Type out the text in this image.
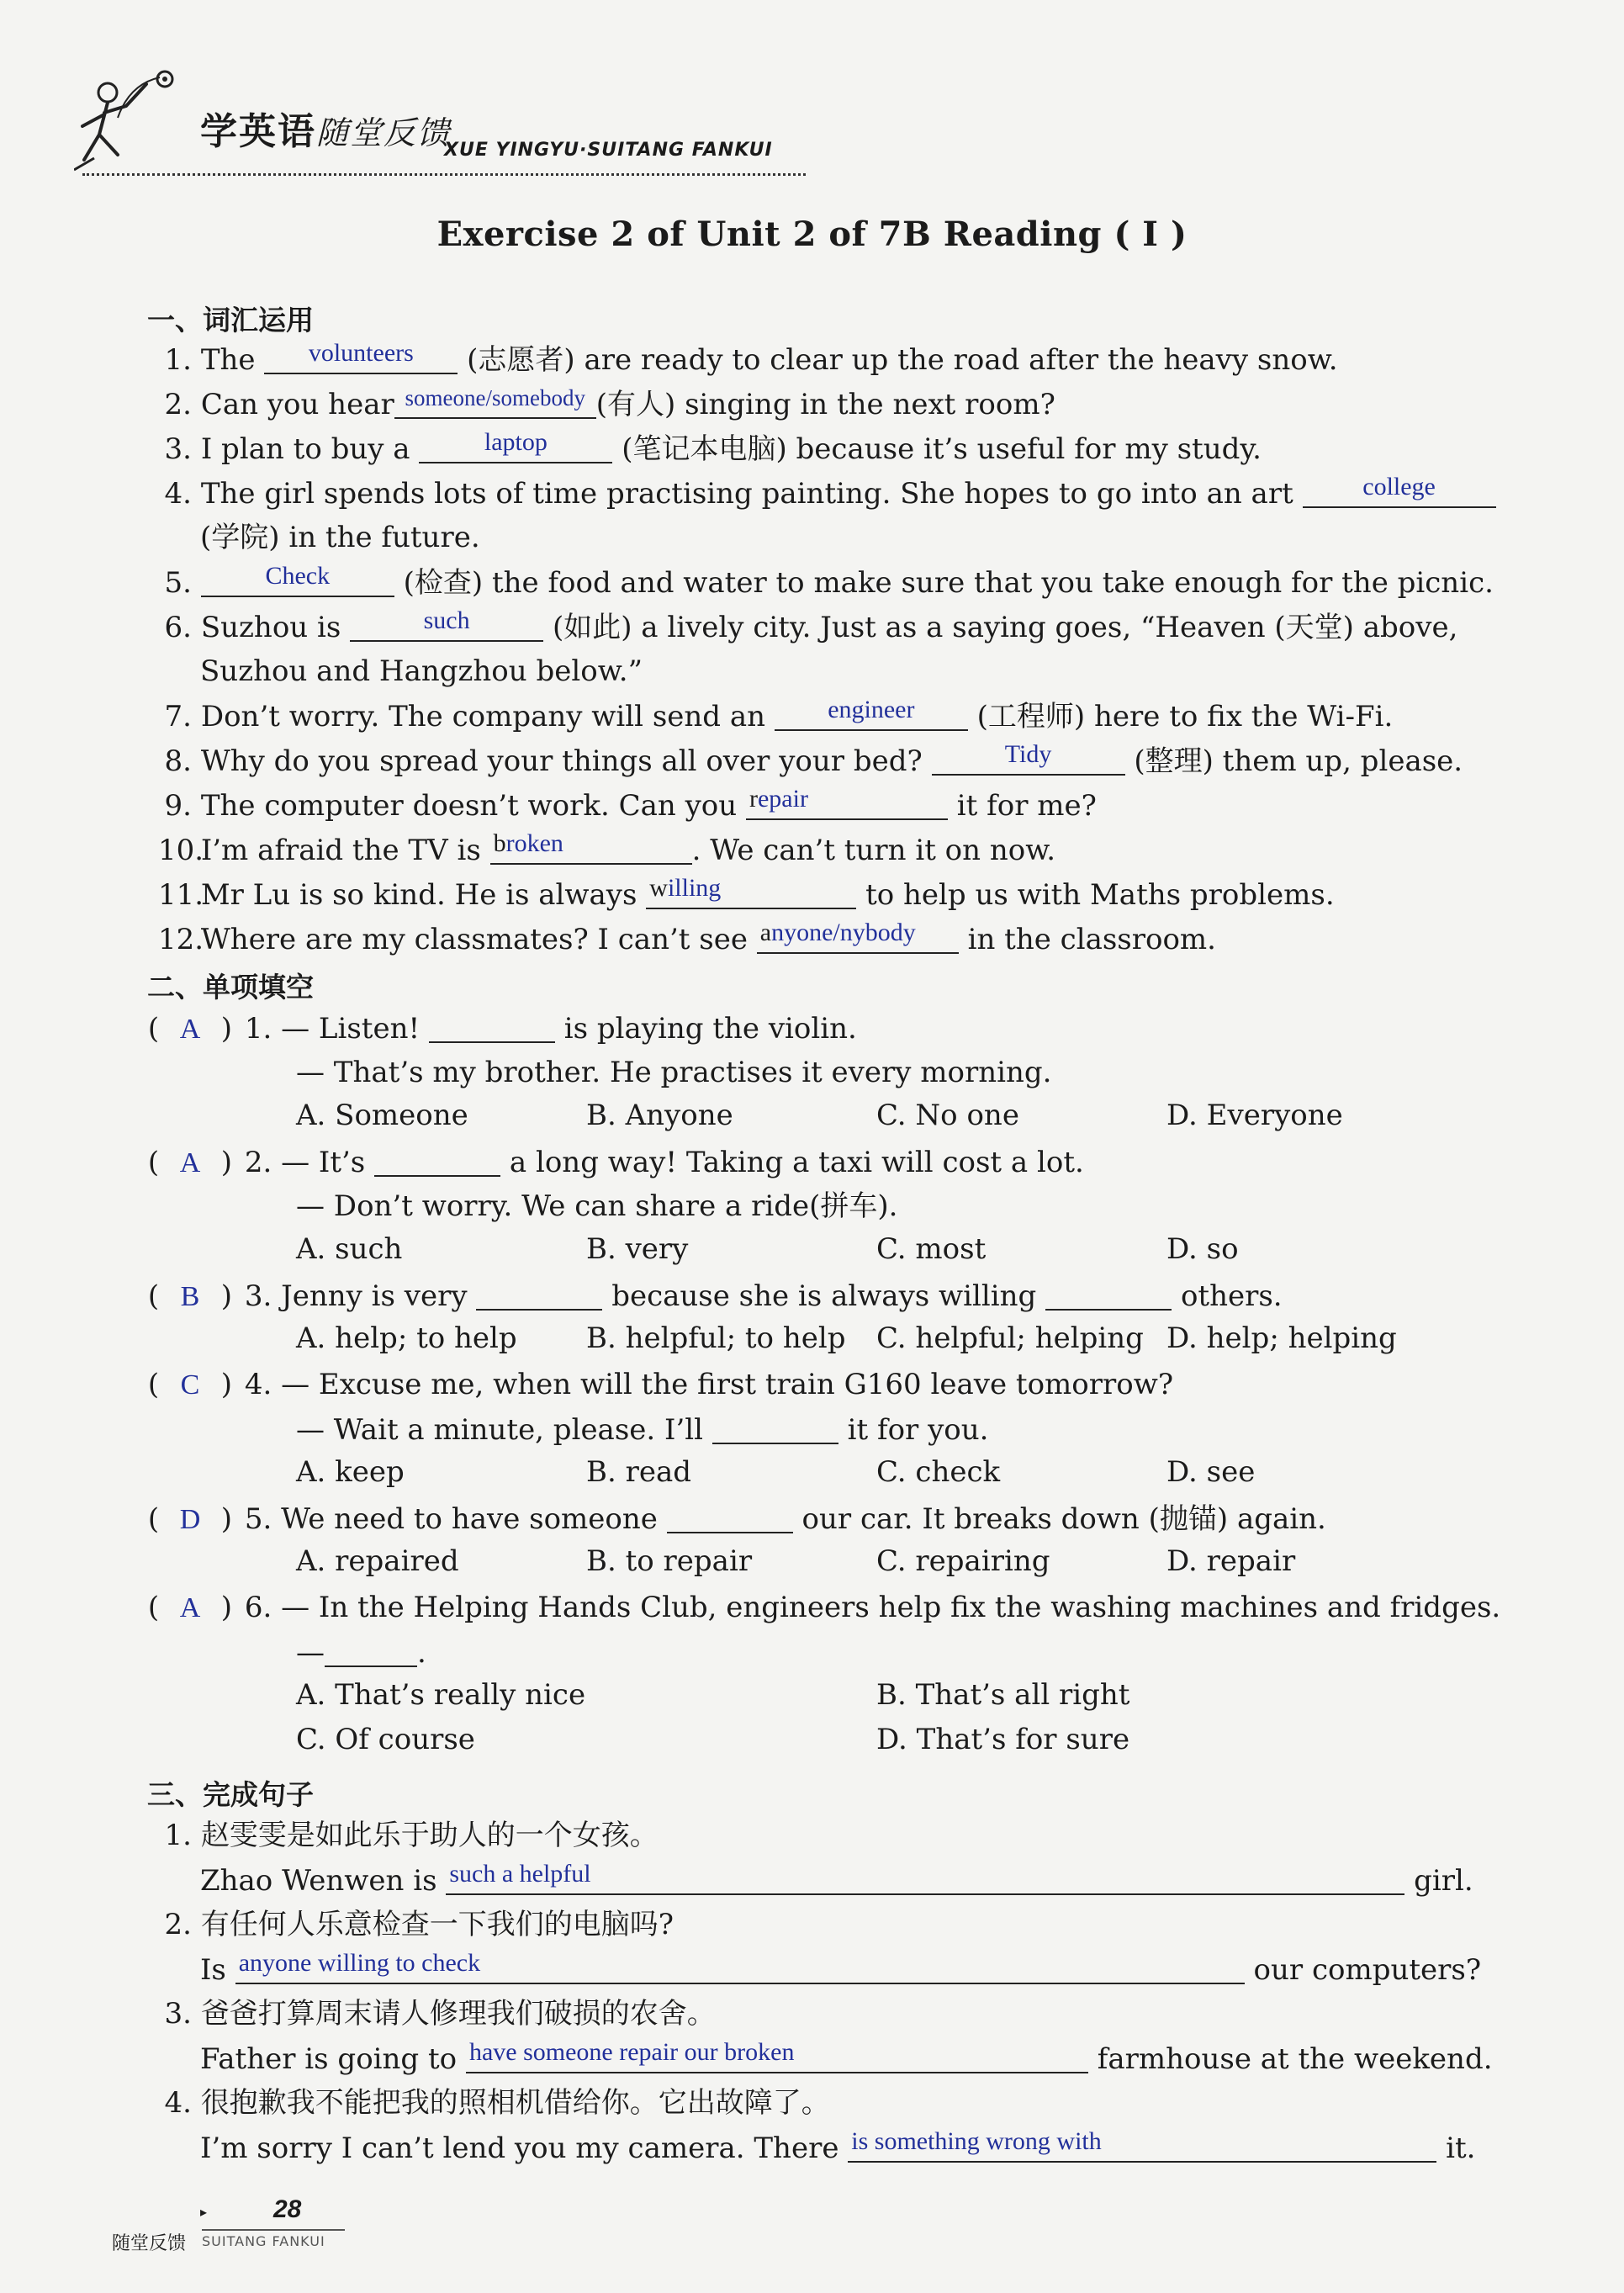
学英语随堂反馈
XUE YINGYU·SUITANG FANKUI
Exercise 2 of Unit 2 of 7B Reading ( Ⅰ )
一、词汇运用
1. The	volunteers	(志愿者) are ready to clear up the road after the heavy snow.
2. Can you hear someone/somebody (有人) singing in the next room?
3. I plan to buy a	laptop	(笔记本电脑) because it’s useful for my study.
4. The girl spends lots of time practising painting. She hopes to go into an art	college
(学院) in the future.
5.	Check	(检查) the food and water to make sure that you take enough for the picnic.
6. Suzhou is	such	(如此) a lively city. Just as a saying goes, “Heaven (天堂) above,
Suzhou and Hangzhou below.”
7. Don’t worry. The company will send an	engineer	(工程师) here to fix the Wi-Fi.
8. Why do you spread your things all over your bed?	Tidy	(整理) them up, please.
9. The computer doesn’t work. Can you repair	it for me?
10. I’m afraid the TV is broken	. We can’t turn it on now.
11. Mr Lu is so kind. He is always willing	to help us with Maths problems.
12. Where are my classmates? I can’t see anyone/nybody	in the classroom.
二、单项填空
( A ) 1. — Listen!	is playing the violin.
— That’s my brother. He practises it every morning.
A. Someone	B. Anyone	C. No one	D. Everyone
( A ) 2. — It’s	a long way! Taking a taxi will cost a lot.
— Don’t worry. We can share a ride(拼车).
A. such	B. very	C. most	D. so
( B ) 3. Jenny is very	because she is always willing	others.
A. help; to help B. helpful; to help C. helpful; helping D. help; helping
( C ) 4. — Excuse me, when will the first train G160 leave tomorrow?
— Wait a minute, please. I’ll	it for you.
A. keep	B. read	C. check	D. see
( D ) 5. We need to have someone	our car. It breaks down (抛锚) again.
A. repaired	B. to repair	C. repairing	D. repair
( A ) 6. — In the Helping Hands Club, engineers help fix the washing machines and fridges.
—	.
A. That’s really nice	B. That’s all right
C. Of course	D. That’s for sure
三、完成句子
1. 赵雯雯是如此乐于助人的一个女孩。
Zhao Wenwen is such a helpful	girl.
2. 有任何人乐意检查一下我们的电脑吗?
Is anyone willing to check	our computers?
3. 爸爸打算周末请人修理我们破损的农舍。
Father is going to have someone repair our broken	farmhouse at the weekend.
4. 很抱歉我不能把我的照相机借给你。它出故障了。
I’m sorry I can’t lend you my camera. There is something wrong with	it.
▸	28
随堂反馈 SUITANG FANKUI
